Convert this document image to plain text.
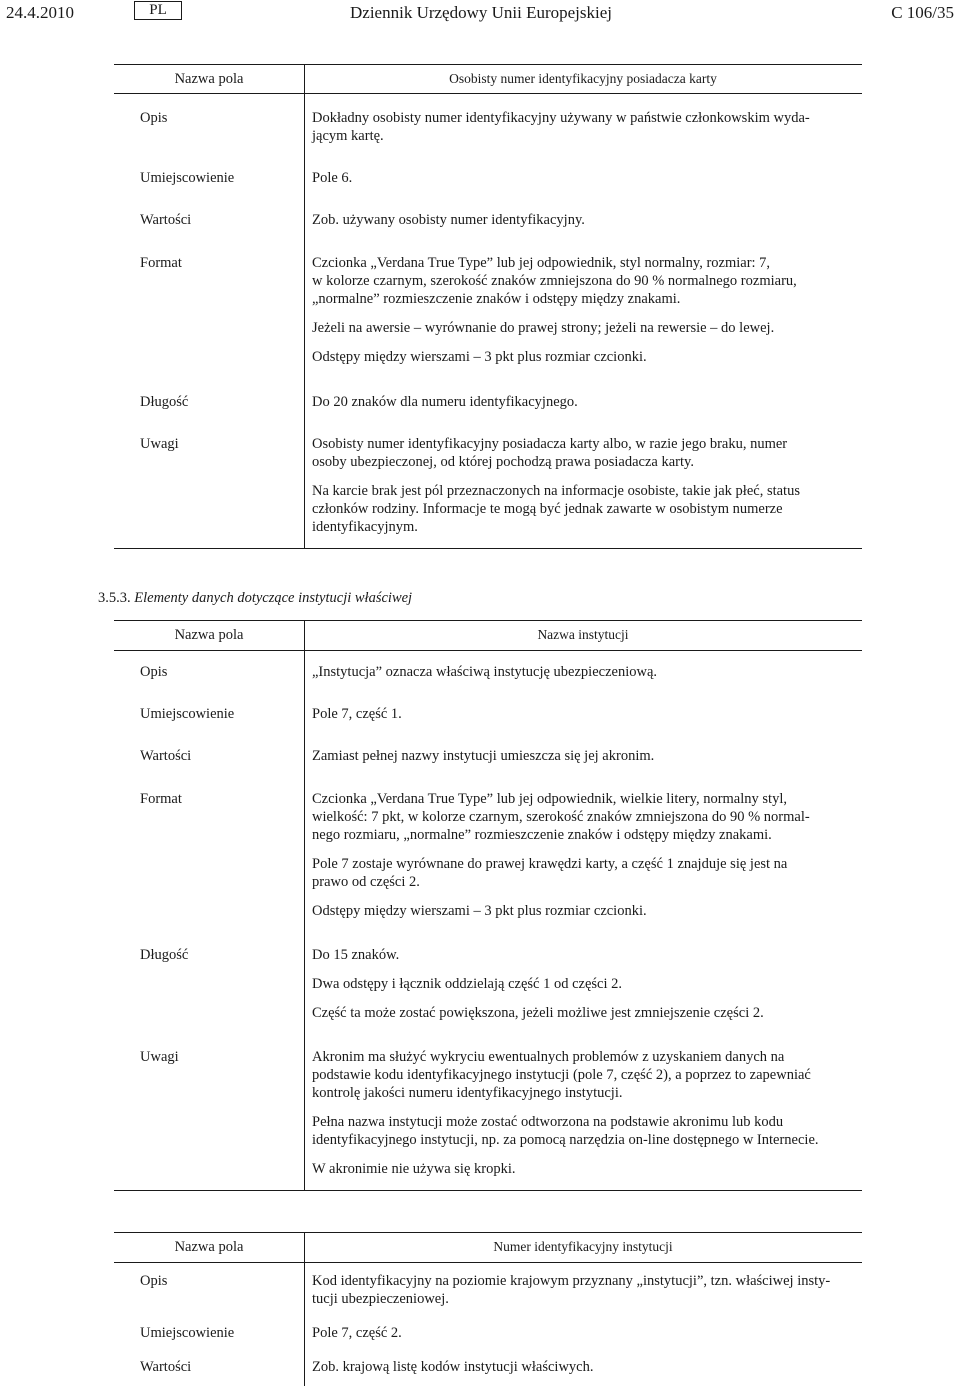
24.4.2010	PL	Dziennik Urzędowy Unii Europejskiej	C 106/35
Nazwa pola	Osobisty numer identyfikacyjny posiadacza karty
Opis	Dokładny osobisty numer identyfikacyjny używany w państwie członkowskim wyda-
jącym kartę.
Umiejscowienie	Pole 6.
Wartości	Zob. używany osobisty numer identyfikacyjny.
Format	Czcionka „Verdana True Type” lub jej odpowiednik, styl normalny, rozmiar: 7,
w kolorze czarnym, szerokość znaków zmniejszona do 90 % normalnego rozmiaru,
„normalne” rozmieszczenie znaków i odstępy między znakami.
Jeżeli na awersie – wyrównanie do prawej strony; jeżeli na rewersie – do lewej.
Odstępy między wierszami – 3 pkt plus rozmiar czcionki.
Długość	Do 20 znaków dla numeru identyfikacyjnego.
Uwagi	Osobisty numer identyfikacyjny posiadacza karty albo, w razie jego braku, numer
osoby ubezpieczonej, od której pochodzą prawa posiadacza karty.
Na karcie brak jest pól przeznaczonych na informacje osobiste, takie jak płeć, status
członków rodziny. Informacje te mogą być jednak zawarte w osobistym numerze
identyfikacyjnym.
3.5.3. Elementy danych dotyczące instytucji właściwej
Nazwa pola	Nazwa instytucji
Opis	„Instytucja” oznacza właściwą instytucję ubezpieczeniową.
Umiejscowienie	Pole 7, część 1.
Wartości	Zamiast pełnej nazwy instytucji umieszcza się jej akronim.
Format	Czcionka „Verdana True Type” lub jej odpowiednik, wielkie litery, normalny styl,
wielkość: 7 pkt, w kolorze czarnym, szerokość znaków zmniejszona do 90 % normal-
nego rozmiaru, „normalne” rozmieszczenie znaków i odstępy między znakami.
Pole 7 zostaje wyrównane do prawej krawędzi karty, a część 1 znajduje się jest na
prawo od części 2.
Odstępy między wierszami – 3 pkt plus rozmiar czcionki.
Długość	Do 15 znaków.
Dwa odstępy i łącznik oddzielają część 1 od części 2.
Część ta może zostać powiększona, jeżeli możliwe jest zmniejszenie części 2.
Uwagi	Akronim ma służyć wykryciu ewentualnych problemów z uzyskaniem danych na
podstawie kodu identyfikacyjnego instytucji (pole 7, część 2), a poprzez to zapewniać
kontrolę jakości numeru identyfikacyjnego instytucji.
Pełna nazwa instytucji może zostać odtworzona na podstawie akronimu lub kodu
identyfikacyjnego instytucji, np. za pomocą narzędzia on-line dostępnego w Internecie.
W akronimie nie używa się kropki.
Nazwa pola	Numer identyfikacyjny instytucji
Opis	Kod identyfikacyjny na poziomie krajowym przyznany „instytucji”, tzn. właściwej insty-
tucji ubezpieczeniowej.
Umiejscowienie	Pole 7, część 2.
Wartości	Zob. krajową listę kodów instytucji właściwych.
